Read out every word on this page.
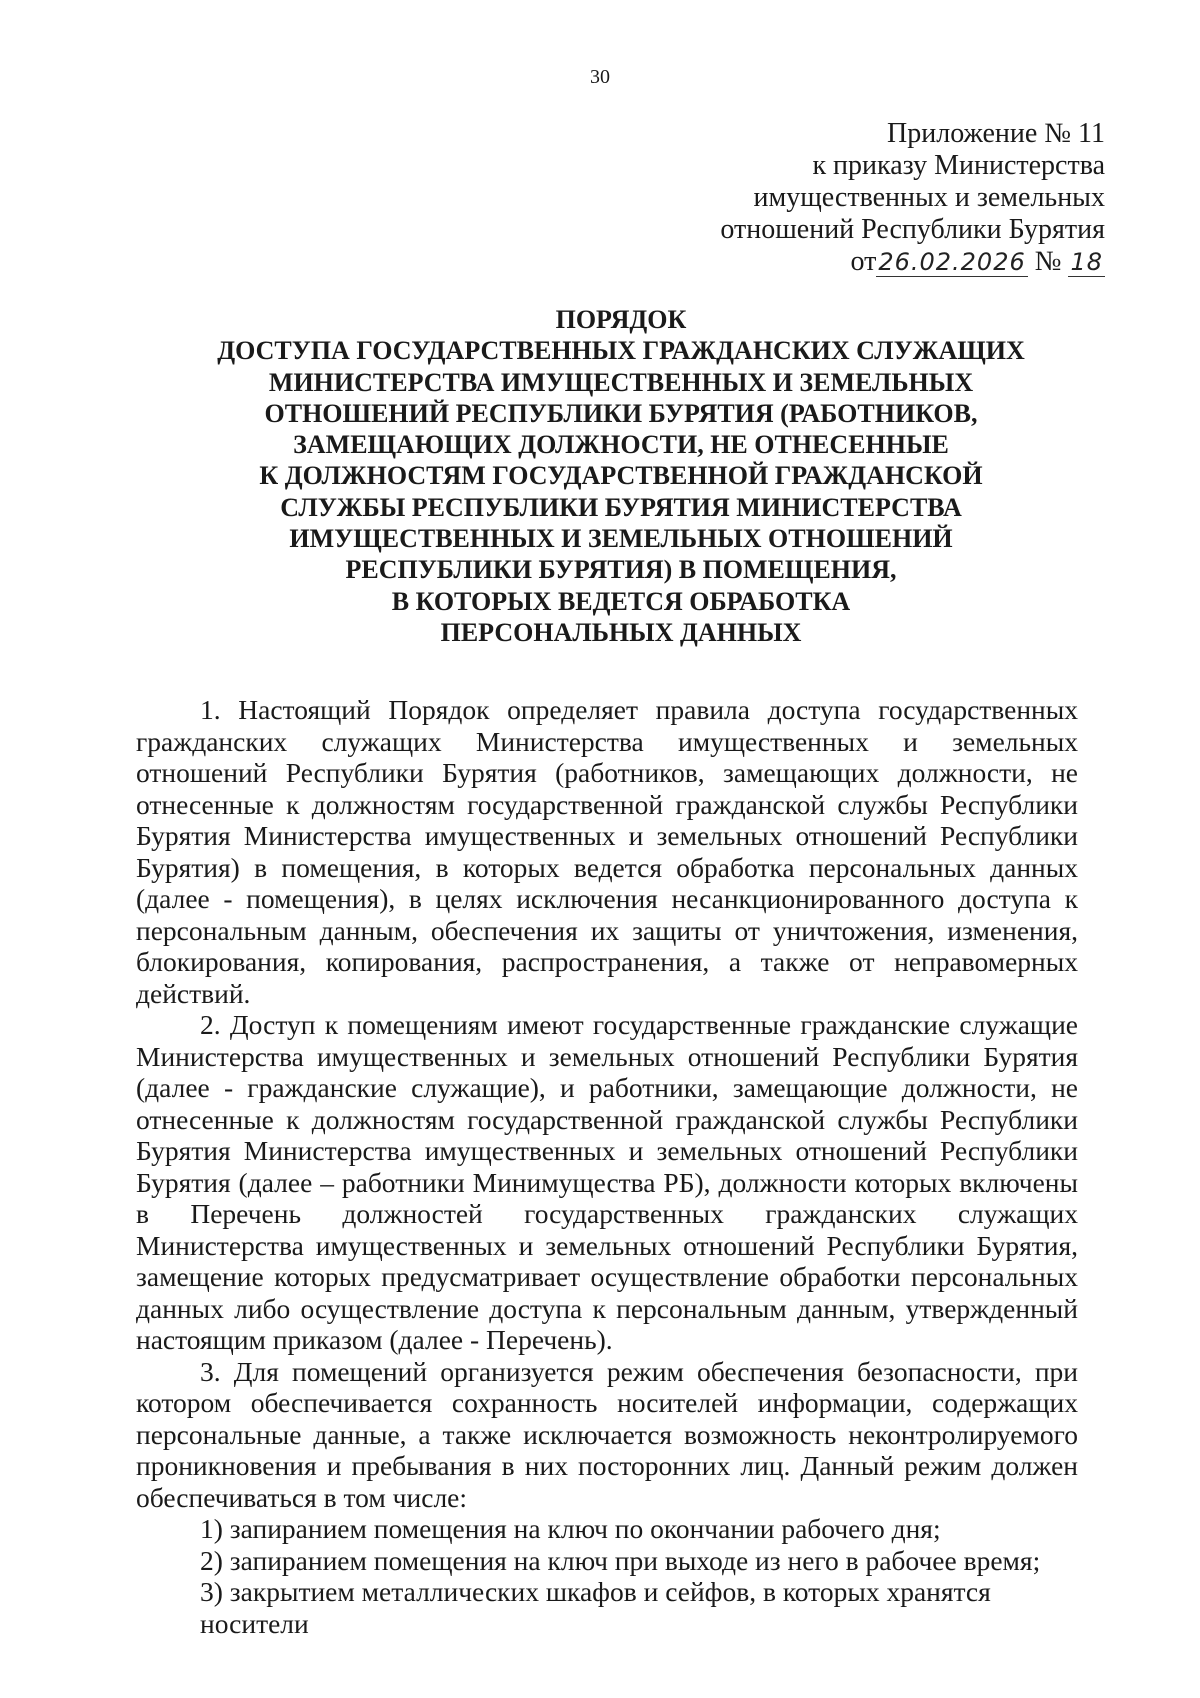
30
Приложение № 11
к приказу Министерства
имущественных и земельных
отношений Республики Бурятия
от26.02.2026 № 18
ПОРЯДОК
ДОСТУПА ГОСУДАРСТВЕННЫХ ГРАЖДАНСКИХ СЛУЖАЩИХ
МИНИСТЕРСТВА ИМУЩЕСТВЕННЫХ И ЗЕМЕЛЬНЫХ
ОТНОШЕНИЙ РЕСПУБЛИКИ БУРЯТИЯ (РАБОТНИКОВ,
ЗАМЕЩАЮЩИХ ДОЛЖНОСТИ, НЕ ОТНЕСЕННЫЕ
К ДОЛЖНОСТЯМ ГОСУДАРСТВЕННОЙ ГРАЖДАНСКОЙ
СЛУЖБЫ РЕСПУБЛИКИ БУРЯТИЯ МИНИСТЕРСТВА
ИМУЩЕСТВЕННЫХ И ЗЕМЕЛЬНЫХ ОТНОШЕНИЙ
РЕСПУБЛИКИ БУРЯТИЯ) В ПОМЕЩЕНИЯ,
В КОТОРЫХ ВЕДЕТСЯ ОБРАБОТКА
ПЕРСОНАЛЬНЫХ ДАННЫХ

1. Настоящий Порядок определяет правила доступа государственных гражданских служащих Министерства имущественных и земельных отношений Республики Бурятия (работников, замещающих должности, не отнесенные к должностям государственной гражданской службы Республики Бурятия Министерства имущественных и земельных отношений Республики Бурятия) в помещения, в которых ведется обработка персональных данных (далее - помещения), в целях исключения несанкционированного доступа к персональным данным, обеспечения их защиты от уничтожения, изменения, блокирования, копирования, распространения, а также от неправомерных действий.

2. Доступ к помещениям имеют государственные гражданские служащие Министерства имущественных и земельных отношений Республики Бурятия (далее - гражданские служащие), и работники, замещающие должности, не отнесенные к должностям государственной гражданской службы Республики Бурятия Министерства имущественных и земельных отношений Республики Бурятия (далее – работники Минимущества РБ), должности которых включены в Перечень должностей государственных гражданских служащих Министерства имущественных и земельных отношений Республики Бурятия, замещение которых предусматривает осуществление обработки персональных данных либо осуществление доступа к персональным данным, утвержденный настоящим приказом (далее - Перечень).

3. Для помещений организуется режим обеспечения безопасности, при котором обеспечивается сохранность носителей информации, содержащих персональные данные, а также исключается возможность неконтролируемого проникновения и пребывания в них посторонних лиц. Данный режим должен обеспечиваться в том числе:

1) запиранием помещения на ключ по окончании рабочего дня;

2) запиранием помещения на ключ при выходе из него в рабочее время;

3) закрытием металлических шкафов и сейфов, в которых хранятся носители
